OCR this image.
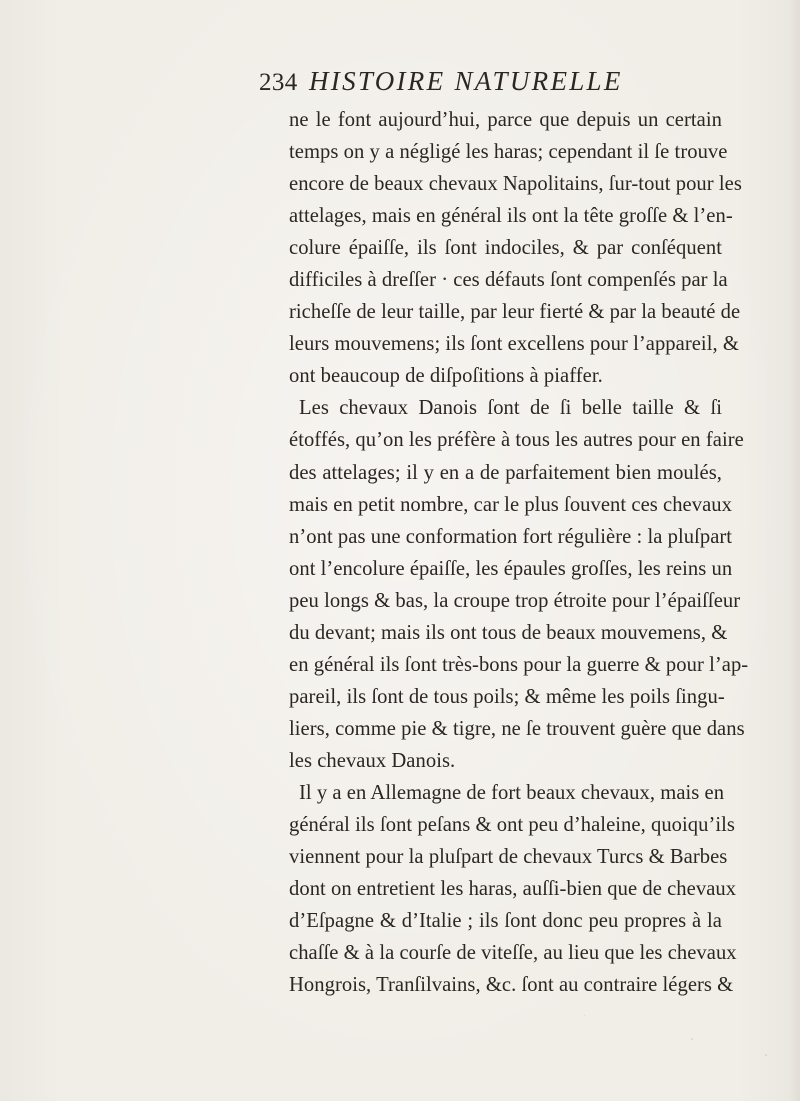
234 HISTOIRE NATURELLE
ne le font aujourd’hui, parce que depuis un certain
temps on y a négligé les haras; cependant il ſe trouve
encore de beaux chevaux Napolitains, ſur-tout pour les
attelages, mais en général ils ont la tête groſſe & l’en-
colure épaiſſe, ils ſont indociles, & par conſéquent
difficiles à dreſſer · ces défauts ſont compenſés par la
richeſſe de leur taille, par leur fierté & par la beauté de
leurs mouvemens; ils ſont excellens pour l’appareil, &
ont beaucoup de diſpoſitions à piaffer.
Les chevaux Danois ſont de ſi belle taille & ſi
étoffés, qu’on les préfère à tous les autres pour en faire
des attelages; il y en a de parfaitement bien moulés,
mais en petit nombre, car le plus ſouvent ces chevaux
n’ont pas une conformation fort régulière : la pluſpart
ont l’encolure épaiſſe, les épaules groſſes, les reins un
peu longs & bas, la croupe trop étroite pour l’épaiſſeur
du devant; mais ils ont tous de beaux mouvemens, &
en général ils ſont très-bons pour la guerre & pour l’ap-
pareil, ils ſont de tous poils; & même les poils ſingu-
liers, comme pie & tigre, ne ſe trouvent guère que dans
les chevaux Danois.
Il y a en Allemagne de fort beaux chevaux, mais en
général ils ſont peſans & ont peu d’haleine, quoiqu’ils
viennent pour la pluſpart de chevaux Turcs & Barbes
dont on entretient les haras, auſſi-bien que de chevaux
d’Eſpagne & d’Italie ; ils ſont donc peu propres à la
chaſſe & à la courſe de viteſſe, au lieu que les chevaux
Hongrois, Tranſilvains, &c. ſont au contraire légers &
